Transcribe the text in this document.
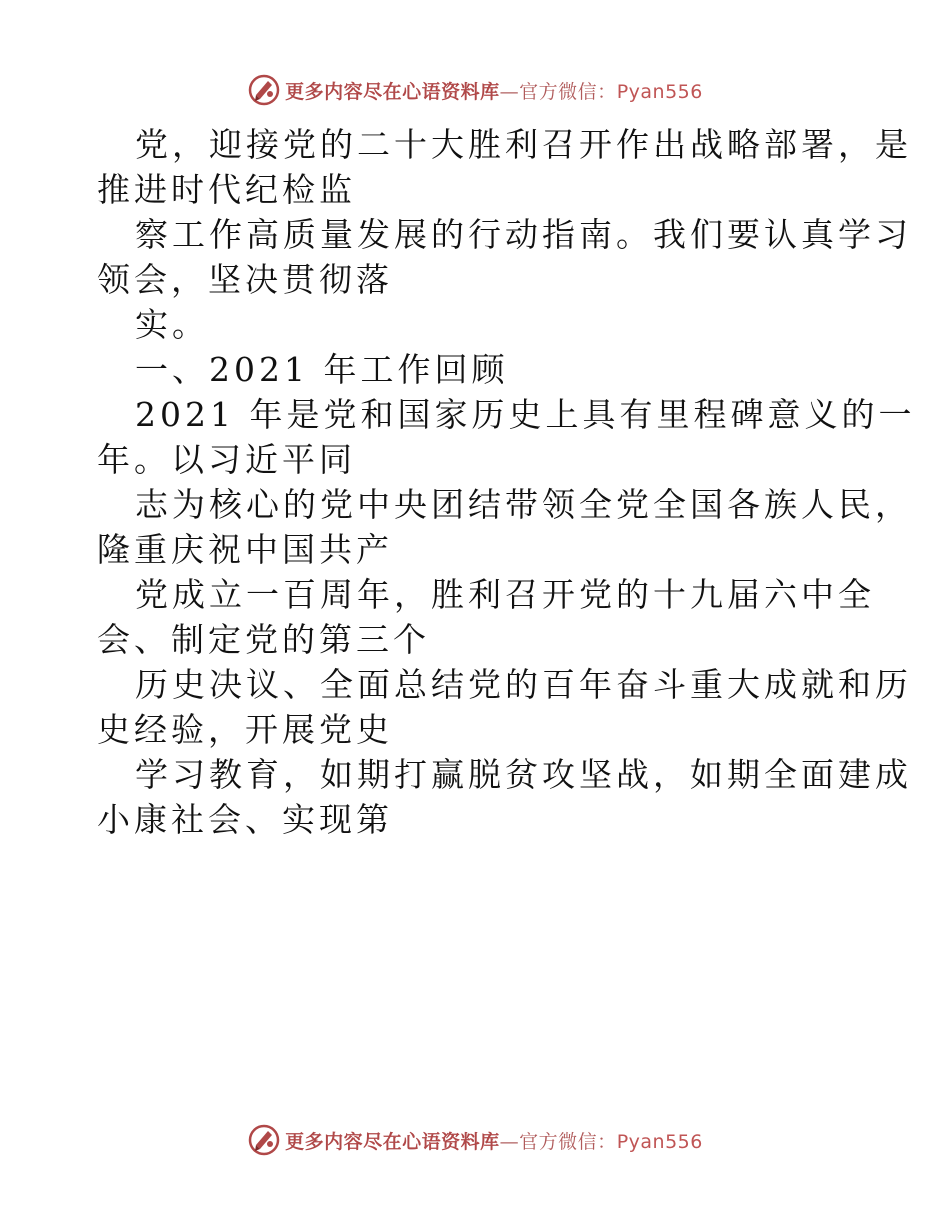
更多内容尽在心语资料库—官方微信：Pyan556
党，迎接党的二十大胜利召开作出战略部署，是
推进时代纪检监
察工作高质量发展的行动指南。我们要认真学习
领会，坚决贯彻落
实。
一、2021 年工作回顾
2021 年是党和国家历史上具有里程碑意义的一
年。以习近平同
志为核心的党中央团结带领全党全国各族人民，
隆重庆祝中国共产
党成立一百周年，胜利召开党的十九届六中全
会、制定党的第三个
历史决议、全面总结党的百年奋斗重大成就和历
史经验，开展党史
学习教育，如期打赢脱贫攻坚战，如期全面建成
小康社会、实现第
更多内容尽在心语资料库—官方微信：Pyan556
